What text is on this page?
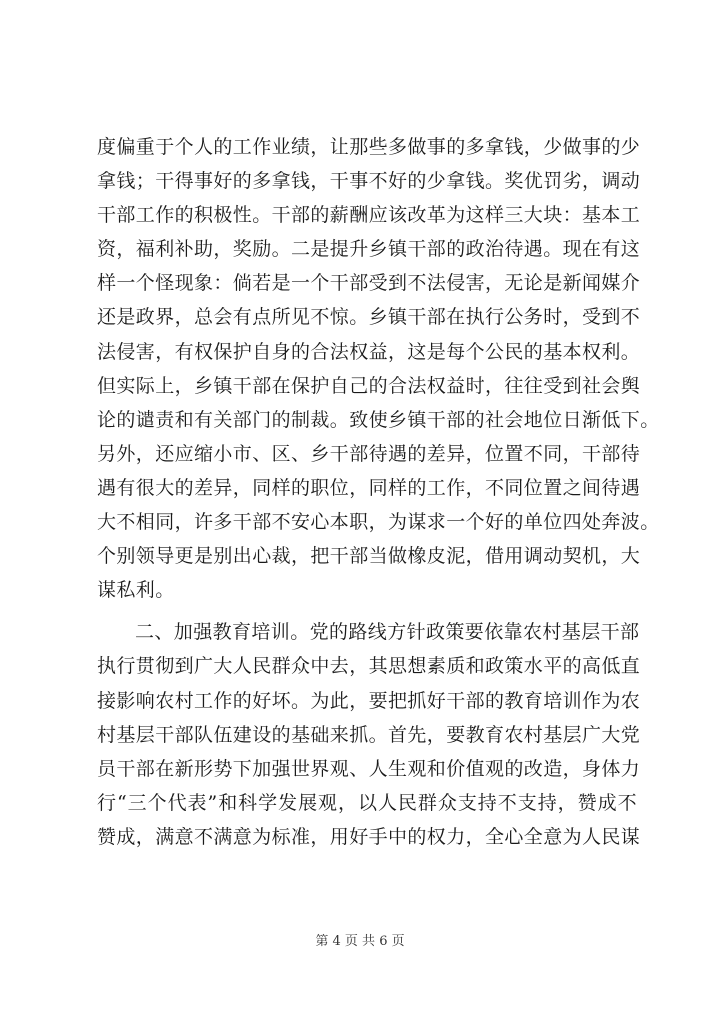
度偏重于个人的工作业绩，让那些多做事的多拿钱，少做事的少
拿钱；干得事好的多拿钱，干事不好的少拿钱。奖优罚劣，调动
干部工作的积极性。干部的薪酬应该改革为这样三大块：基本工
资，福利补助，奖励。二是提升乡镇干部的政治待遇。现在有这
样一个怪现象：倘若是一个干部受到不法侵害，无论是新闻媒介
还是政界，总会有点所见不惊。乡镇干部在执行公务时，受到不
法侵害，有权保护自身的合法权益，这是每个公民的基本权利。
但实际上，乡镇干部在保护自己的合法权益时，往往受到社会舆
论的谴责和有关部门的制裁。致使乡镇干部的社会地位日渐低下。
另外，还应缩小市、区、乡干部待遇的差异，位置不同，干部待
遇有很大的差异，同样的职位，同样的工作，不同位置之间待遇
大不相同，许多干部不安心本职，为谋求一个好的单位四处奔波。
个别领导更是别出心裁，把干部当做橡皮泥，借用调动契机，大
谋私利。
二、加强教育培训。党的路线方针政策要依靠农村基层干部
执行贯彻到广大人民群众中去，其思想素质和政策水平的高低直
接影响农村工作的好坏。为此，要把抓好干部的教育培训作为农
村基层干部队伍建设的基础来抓。首先，要教育农村基层广大党
员干部在新形势下加强世界观、人生观和价值观的改造，身体力
行“三个代表”和科学发展观，以人民群众支持不支持，赞成不
赞成，满意不满意为标准，用好手中的权力，全心全意为人民谋
第 4 页 共 6 页
